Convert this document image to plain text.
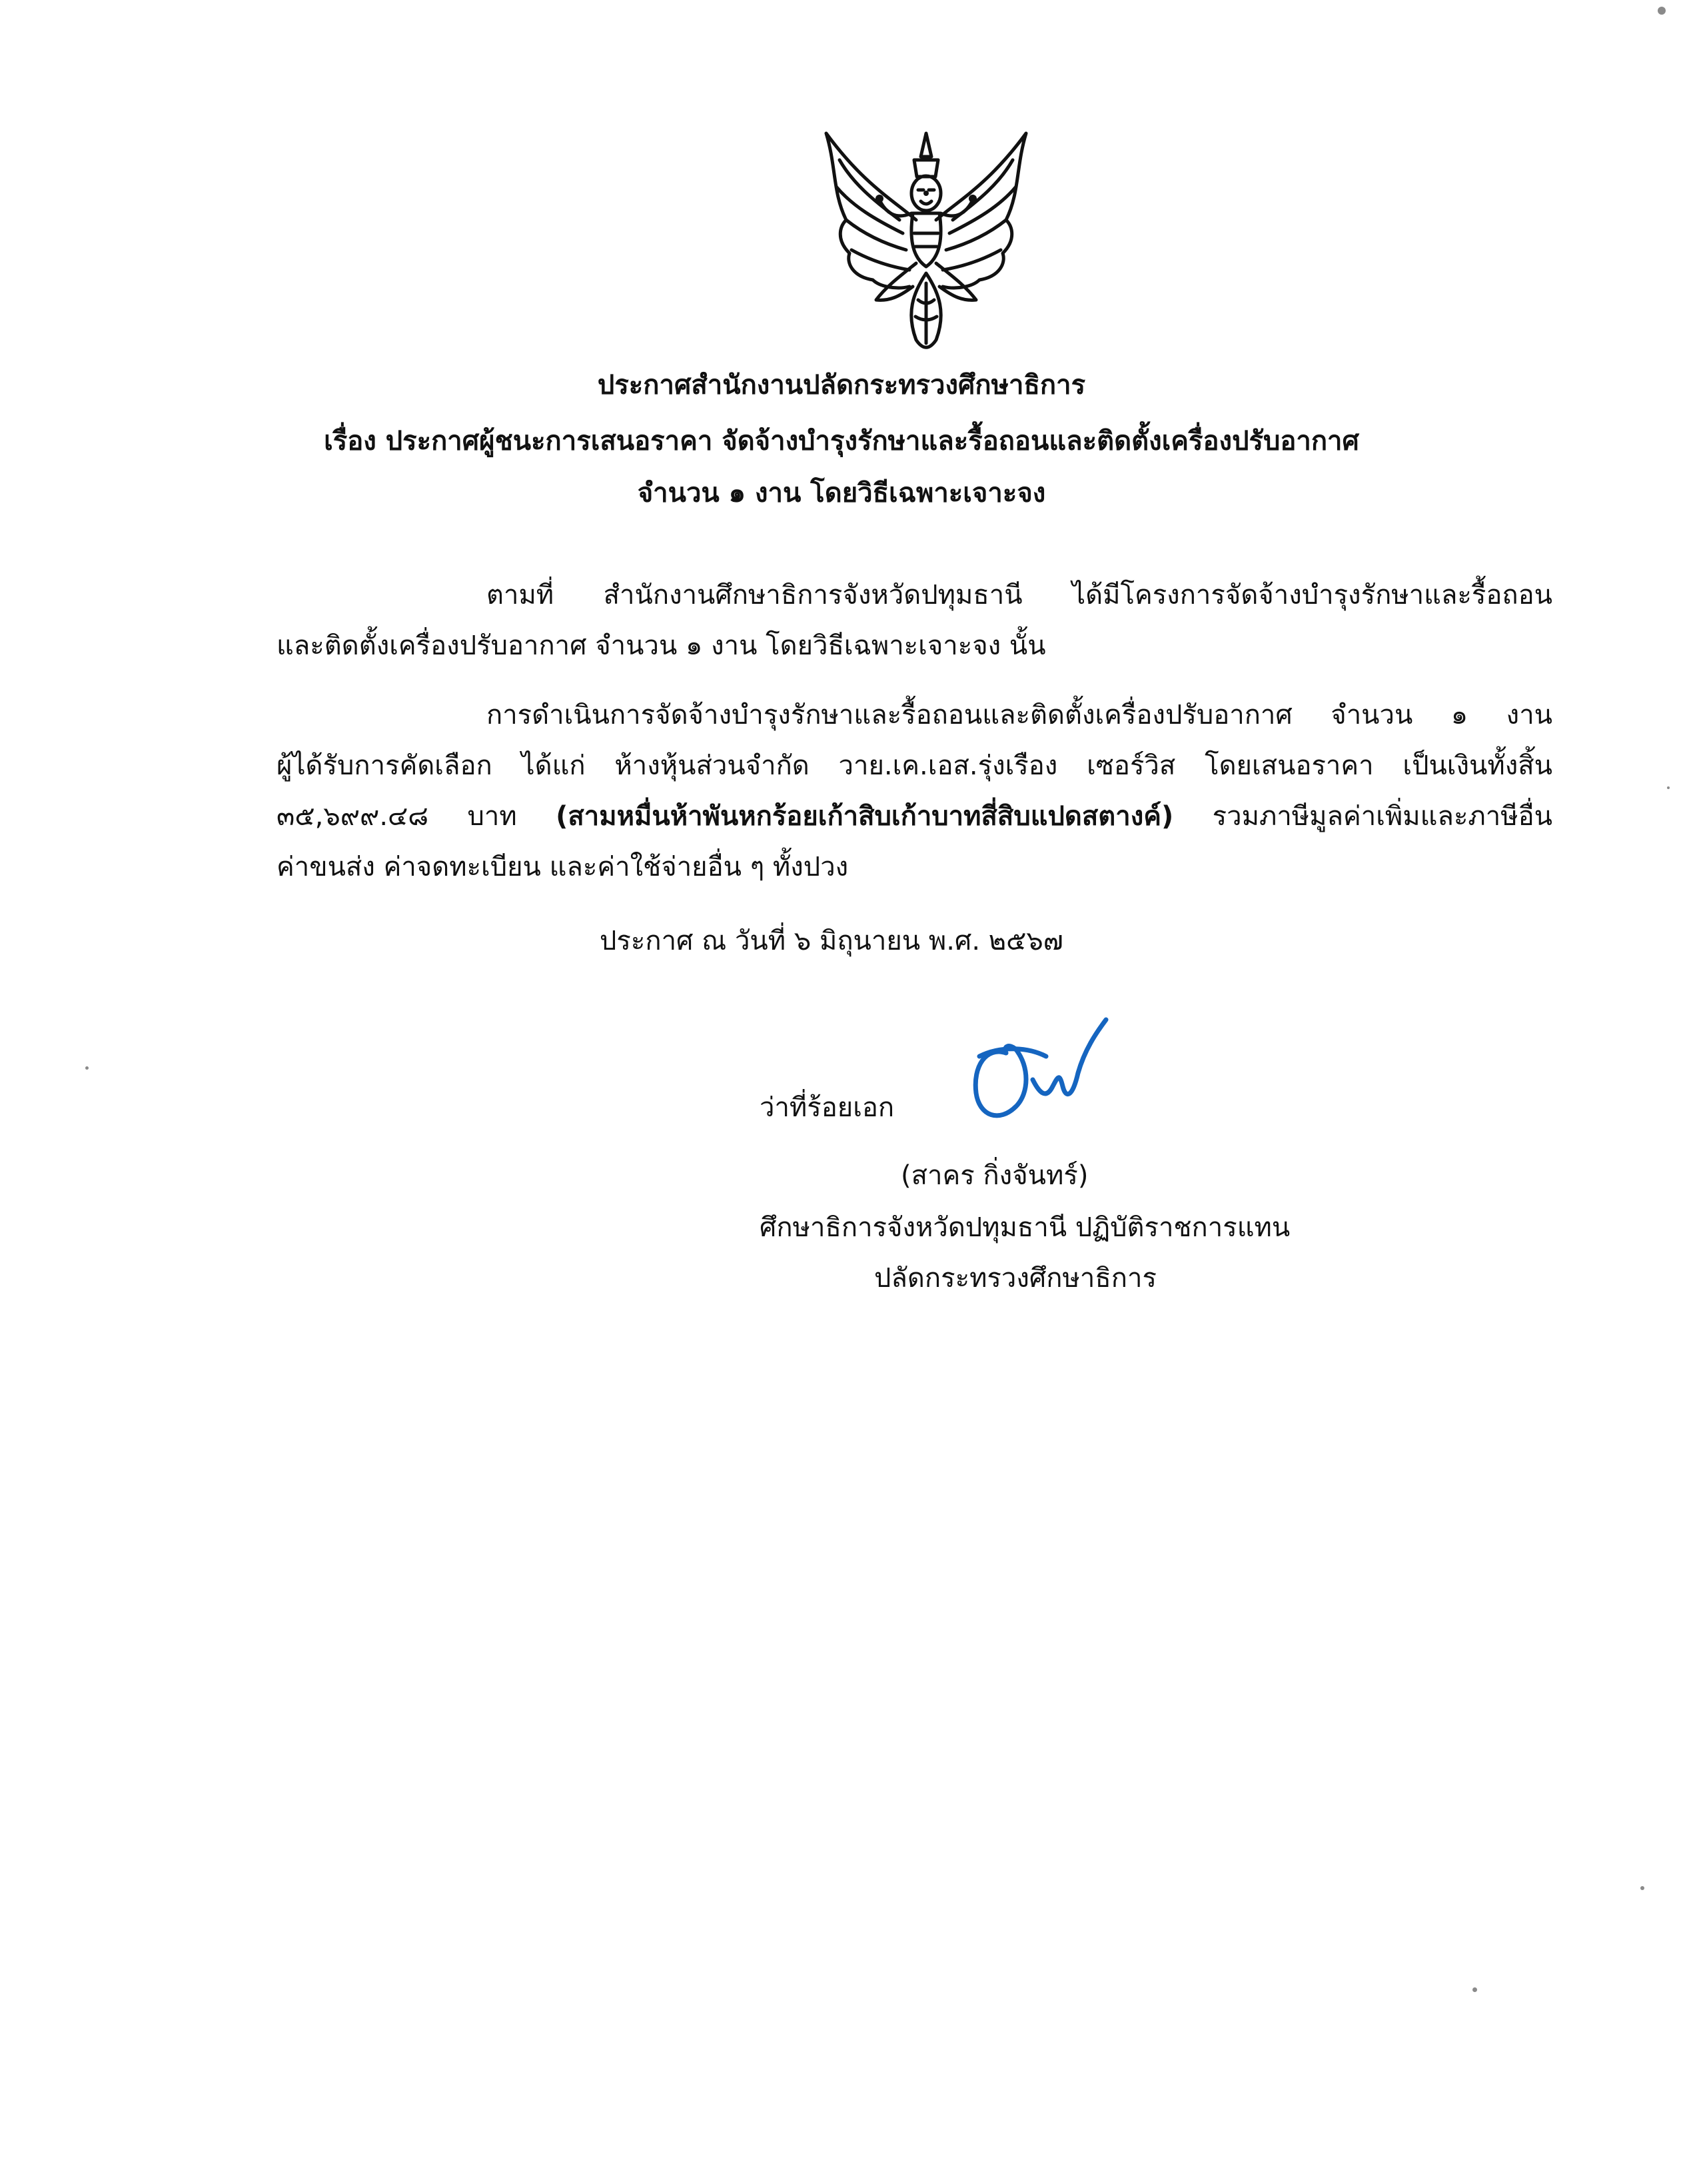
ประกาศสำนักงานปลัดกระทรวงศึกษาธิการ
เรื่อง ประกาศผู้ชนะการเสนอราคา จัดจ้างบำรุงรักษาและรื้อถอนและติดตั้งเครื่องปรับอากาศ
จำนวน ๑ งาน โดยวิธีเฉพาะเจาะจง
ตามที่ สำนักงานศึกษาธิการจังหวัดปทุมธานี ได้มีโครงการจัดจ้างบำรุงรักษาและรื้อถอน
และติดตั้งเครื่องปรับอากาศ จำนวน ๑ งาน โดยวิธีเฉพาะเจาะจง นั้น
การดำเนินการจัดจ้างบำรุงรักษาและรื้อถอนและติดตั้งเครื่องปรับอากาศ จำนวน ๑ งาน
ผู้ได้รับการคัดเลือก ได้แก่ ห้างหุ้นส่วนจำกัด วาย.เค.เอส.รุ่งเรือง เซอร์วิส โดยเสนอราคา เป็นเงินทั้งสิ้น
๓๕,๖๙๙.๔๘ บาท (สามหมื่นห้าพันหกร้อยเก้าสิบเก้าบาทสี่สิบแปดสตางค์) รวมภาษีมูลค่าเพิ่มและภาษีอื่น
ค่าขนส่ง ค่าจดทะเบียน และค่าใช้จ่ายอื่น ๆ ทั้งปวง
ประกาศ ณ วันที่ ๖ มิถุนายน พ.ศ. ๒๕๖๗
ว่าที่ร้อยเอก
(สาคร กิ่งจันทร์)
ศึกษาธิการจังหวัดปทุมธานี ปฏิบัติราชการแทน
ปลัดกระทรวงศึกษาธิการ
